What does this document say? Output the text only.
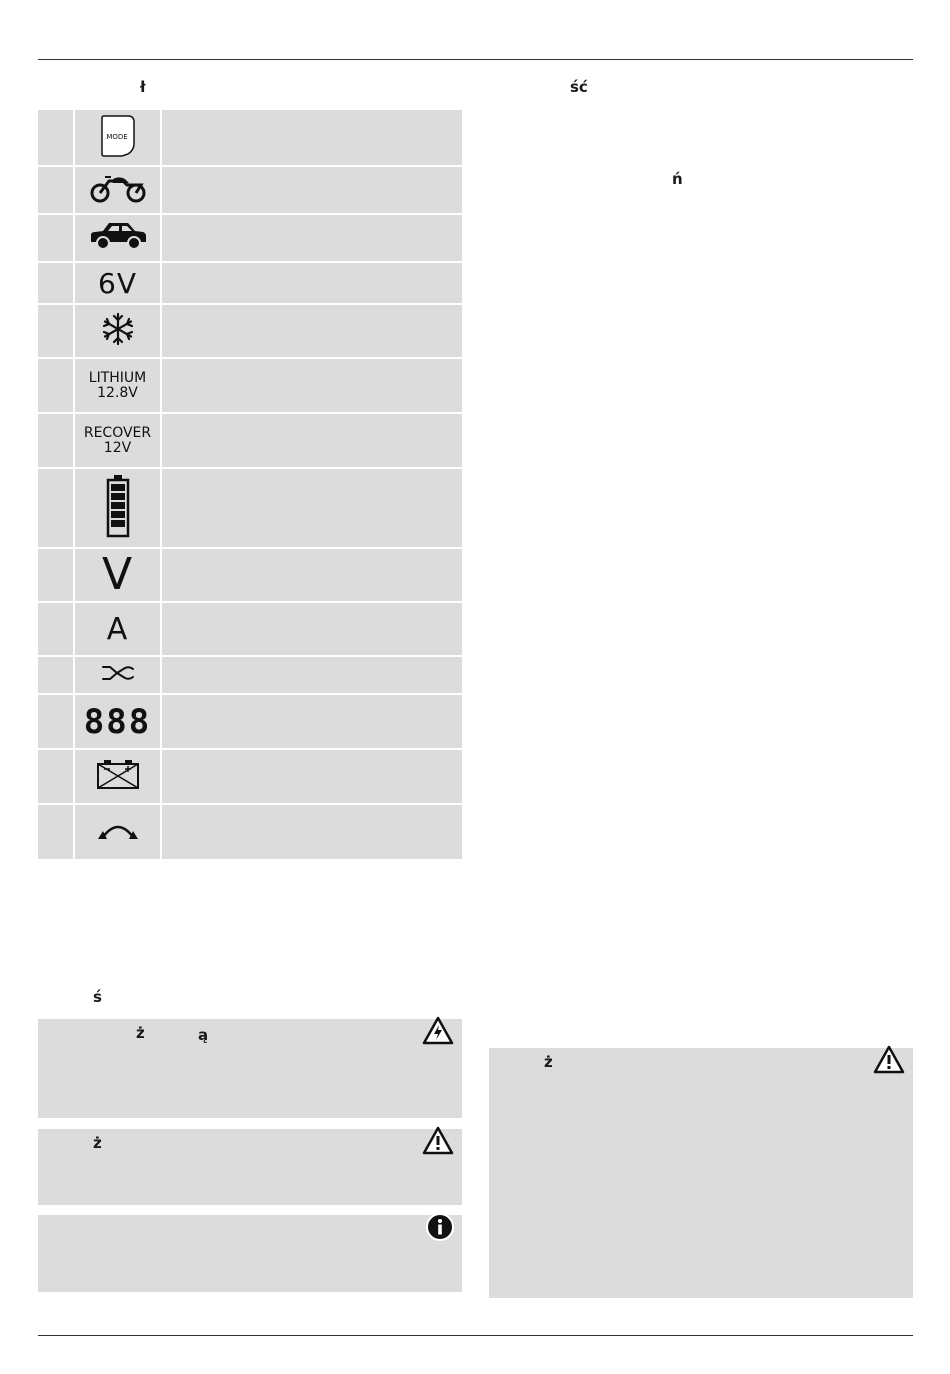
ł	ść
ń
MODE
6V
LITHIUM
12.8V
RECOVER
12V
V
A
888
ś
ż	ą
ż
ż
